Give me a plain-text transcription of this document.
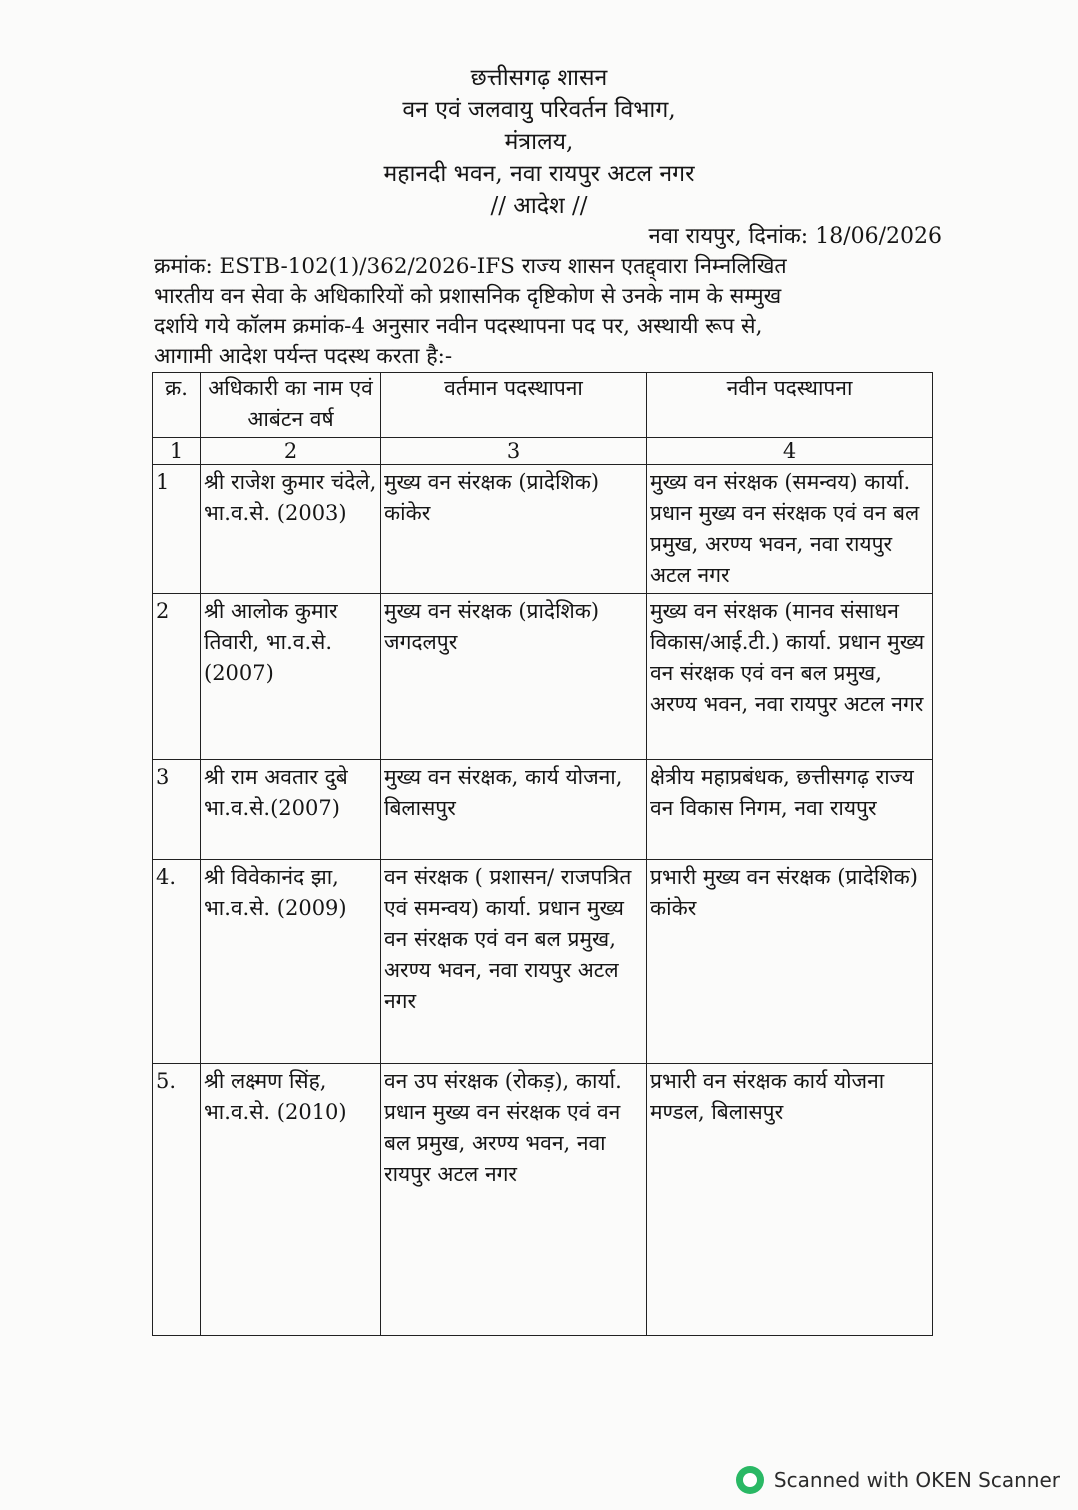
छत्तीसगढ़ शासन
वन एवं जलवायु परिवर्तन विभाग,
मंत्रालय,
महानदी भवन, नवा रायपुर अटल नगर
// आदेश //
नवा रायपुर, दिनांक: 18/06/2026
क्रमांक: ESTB-102(1)/362/2026-IFS राज्य शासन एतद्द्वारा निम्नलिखित
भारतीय वन सेवा के अधिकारियों को प्रशासनिक दृष्टिकोण से उनके नाम के सम्मुख
दर्शाये गये कॉलम क्रमांक-4 अनुसार नवीन पदस्थापना पद पर, अस्थायी रूप से,
आगामी आदेश पर्यन्त पदस्थ करता है:-
क्र.	अधिकारी का नाम एवं आबंटन वर्ष	वर्तमान पदस्थापना	नवीन पदस्थापना
1	2	3	4
1	श्री राजेश कुमार चंदेले, भा.व.से. (2003)	मुख्य वन संरक्षक (प्रादेशिक) कांकेर	मुख्य वन संरक्षक (समन्वय) कार्या. प्रधान मुख्य वन संरक्षक एवं वन बल प्रमुख, अरण्य भवन, नवा रायपुर अटल नगर
2	श्री आलोक कुमार तिवारी, भा.व.से. (2007)	मुख्य वन संरक्षक (प्रादेशिक) जगदलपुर	मुख्य वन संरक्षक (मानव संसाधन विकास/आई.टी.) कार्या. प्रधान मुख्य वन संरक्षक एवं वन बल प्रमुख, अरण्य भवन, नवा रायपुर अटल नगर
3	श्री राम अवतार दुबे भा.व.से.(2007)	मुख्य वन संरक्षक, कार्य योजना, बिलासपुर	क्षेत्रीय महाप्रबंधक, छत्तीसगढ़ राज्य वन विकास निगम, नवा रायपुर
4.	श्री विवेकानंद झा, भा.व.से. (2009)	वन संरक्षक ( प्रशासन/ राजपत्रित एवं समन्वय) कार्या. प्रधान मुख्य वन संरक्षक एवं वन बल प्रमुख, अरण्य भवन, नवा रायपुर अटल नगर	प्रभारी मुख्य वन संरक्षक (प्रादेशिक) कांकेर
5.	श्री लक्ष्मण सिंह, भा.व.से. (2010)	वन उप संरक्षक (रोकड़), कार्या. प्रधान मुख्य वन संरक्षक एवं वन बल प्रमुख, अरण्य भवन, नवा रायपुर अटल नगर	प्रभारी वन संरक्षक कार्य योजना मण्डल, बिलासपुर
Scanned with OKEN Scanner
